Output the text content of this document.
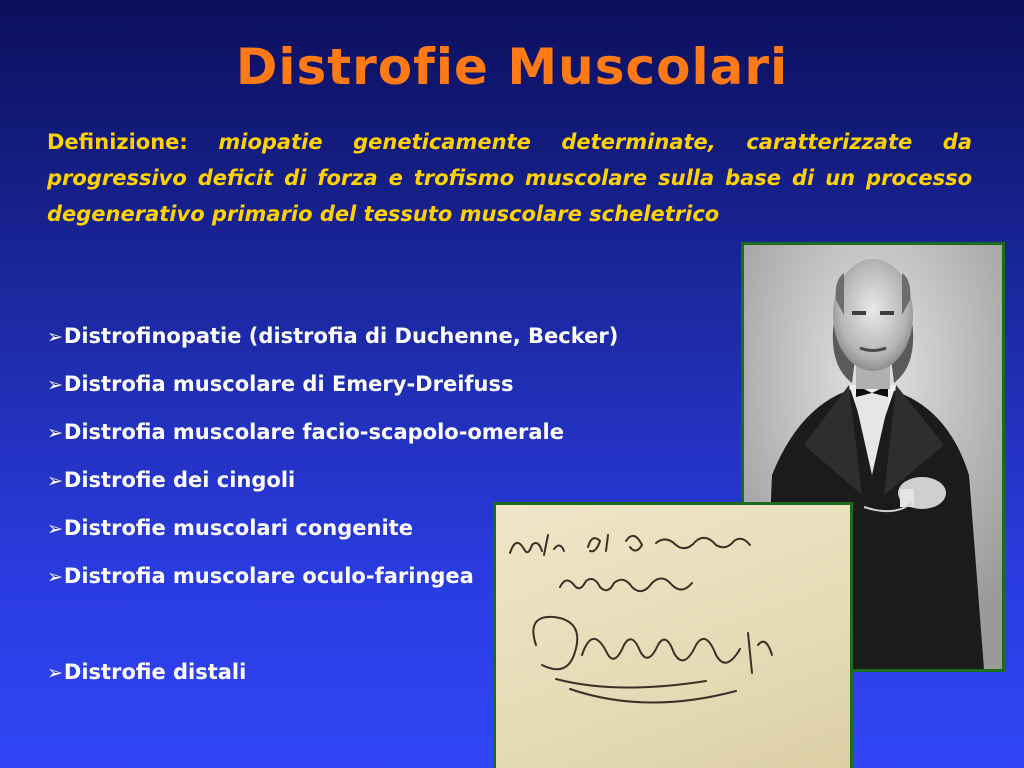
Distrofie Muscolari
Definizione: miopatie geneticamente determinate, caratterizzate da progressivo deficit di forza e trofismo muscolare sulla base di un processo degenerativo primario del tessuto muscolare scheletrico
➢Distrofinopatie (distrofia di Duchenne, Becker)
➢Distrofia muscolare di Emery-Dreifuss
➢Distrofia muscolare facio-scapolo-omerale
➢Distrofie dei cingoli
➢Distrofie muscolari congenite
➢Distrofia muscolare oculo-faringea
➢Distrofie distali
